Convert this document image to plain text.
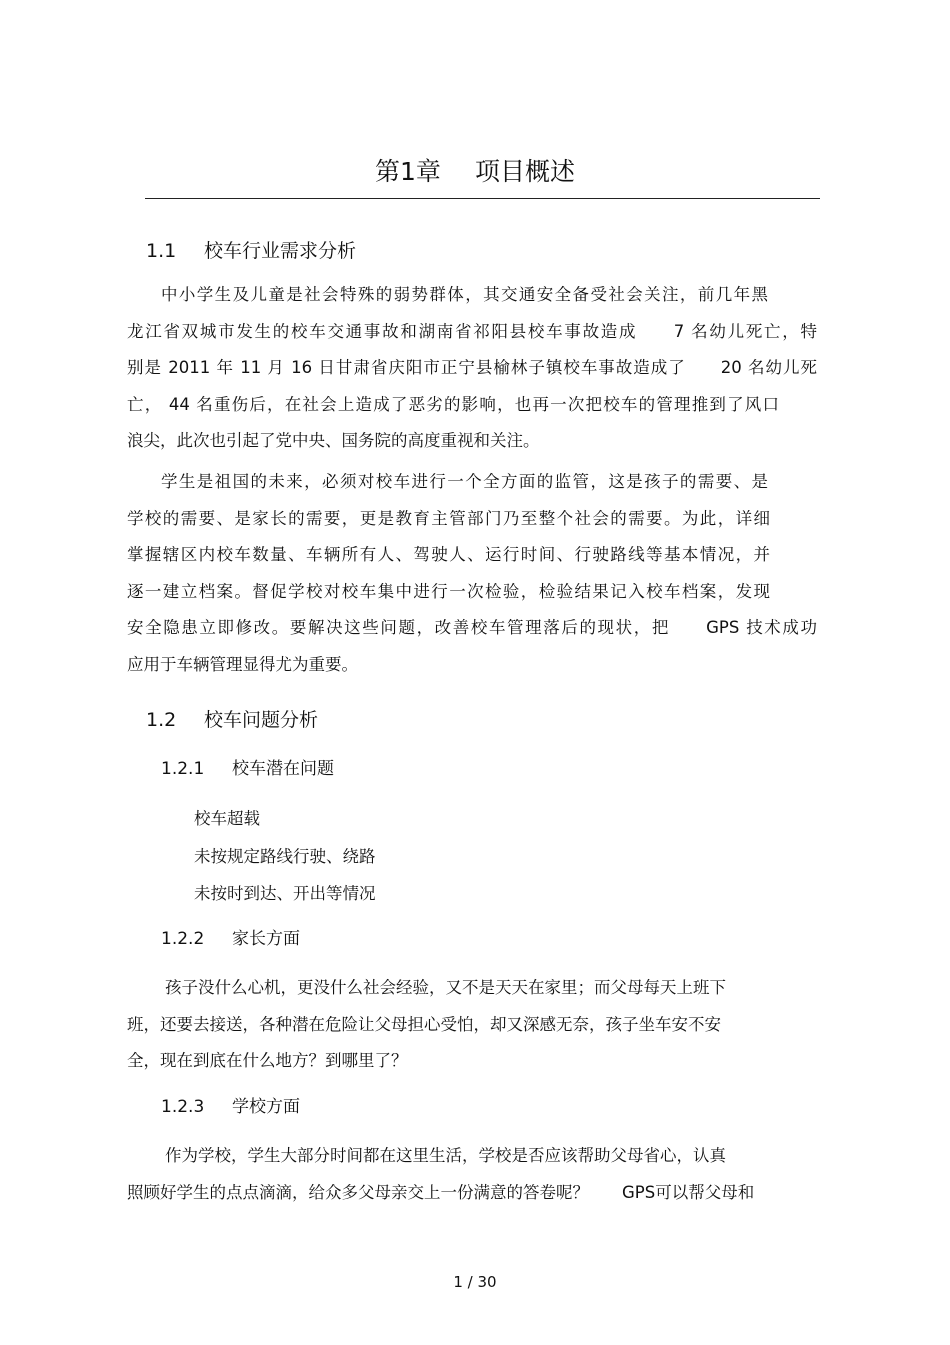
第1章 项目概述
1.1 校车行业需求分析
中小学生及儿童是社会特殊的弱势群体，其交通安全备受社会关注，前几年黑
龙江省双城市发生的校车交通事故和湖南省祁阳县校车事故造成　　7 名幼儿死亡，特
别是 2011 年 11 月 16 日甘肃省庆阳市正宁县榆林子镇校车事故造成了　　20 名幼儿死
亡， 44 名重伤后，在社会上造成了恶劣的影响，也再一次把校车的管理推到了风口
浪尖，此次也引起了党中央、国务院的高度重视和关注。
学生是祖国的未来，必须对校车进行一个全方面的监管，这是孩子的需要、是
学校的需要、是家长的需要，更是教育主管部门乃至整个社会的需要。为此，详细
掌握辖区内校车数量、车辆所有人、驾驶人、运行时间、行驶路线等基本情况，并
逐一建立档案。督促学校对校车集中进行一次检验，检验结果记入校车档案，发现
安全隐患立即修改。要解决这些问题，改善校车管理落后的现状，把　　GPS 技术成功
应用于车辆管理显得尤为重要。
1.2 校车问题分析
1.2.1 校车潜在问题
校车超载
未按规定路线行驶、绕路
未按时到达、开出等情况
1.2.2 家长方面
孩子没什么心机，更没什么社会经验，又不是天天在家里；而父母每天上班下
班，还要去接送，各种潜在危险让父母担心受怕，却又深感无奈，孩子坐车安不安
全，现在到底在什么地方？到哪里了？
1.2.3 学校方面
作为学校，学生大部分时间都在这里生活，学校是否应该帮助父母省心，认真
照顾好学生的点点滴滴，给众多父母亲交上一份满意的答卷呢？　　GPS可以帮父母和
1 / 30
